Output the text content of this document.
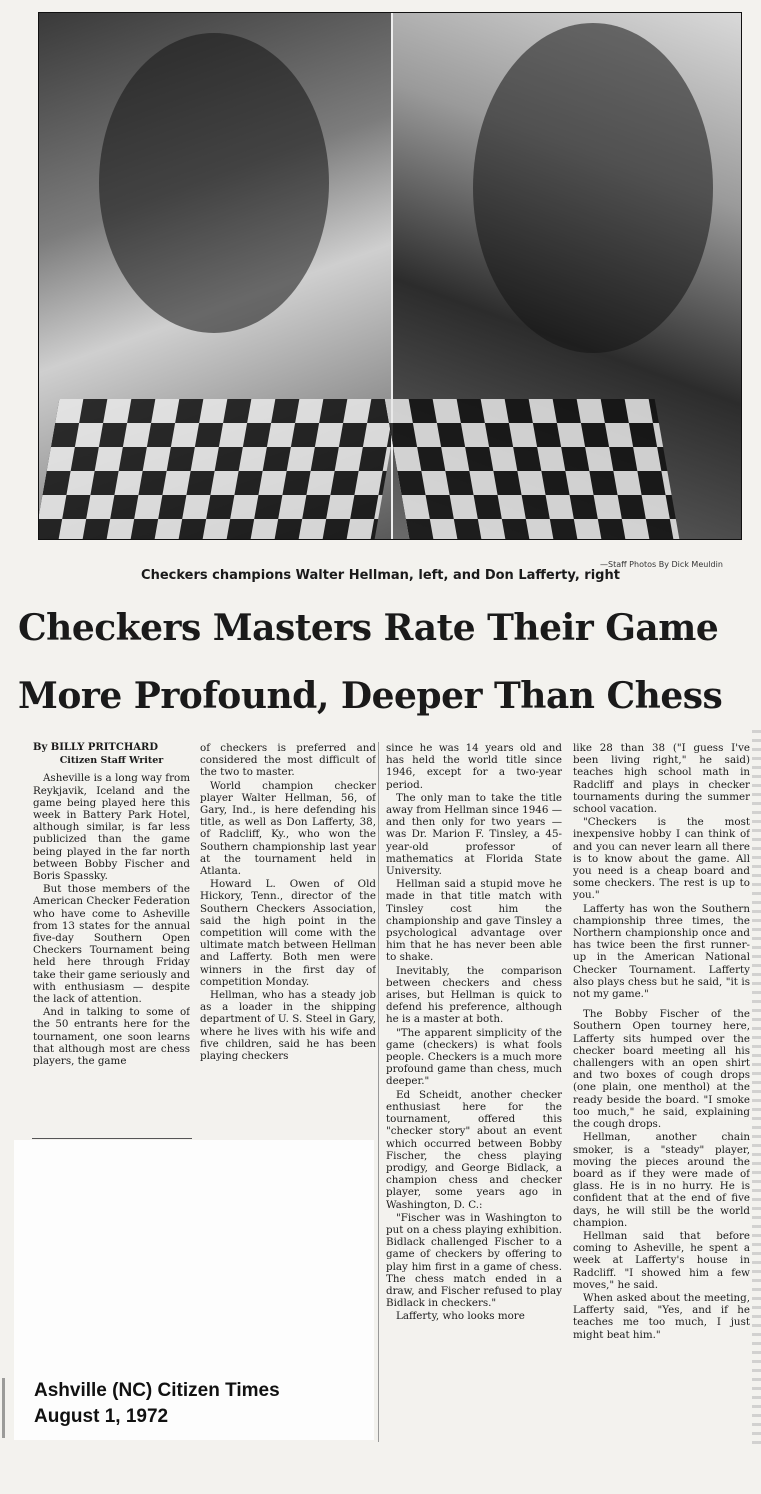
—Staff Photos By Dick Meuldin
Checkers champions Walter Hellman, left, and Don Lafferty, right
Checkers Masters Rate Their Game
More Profound, Deeper Than Chess

By BILLY PRITCHARD

Citizen Staff Writer

Asheville is a long way from Reykjavik, Iceland and the game being played here this week in Battery Park Hotel, although similar, is far less publicized than the game being played in the far north between Bobby Fischer and Boris Spassky.

But those members of the American Checker Federation who have come to Asheville from 13 states for the annual five-day Southern Open Checkers Tournament being held here through Friday take their game seriously and with enthusiasm — despite the lack of attention.

And in talking to some of the 50 entrants here for the tournament, one soon learns that although most are chess players, the game

of checkers is preferred and considered the most difficult of the two to master.

World champion checker player Walter Hellman, 56, of Gary, Ind., is here defending his title, as well as Don Lafferty, 38, of Radcliff, Ky., who won the Southern championship last year at the tournament held in Atlanta.

Howard L. Owen of Old Hickory, Tenn., director of the Southern Checkers Association, said the high point in the competition will come with the ultimate match between Hellman and Lafferty. Both men were winners in the first day of competition Monday.

Hellman, who has a steady job as a loader in the shipping department of U. S. Steel in Gary, where he lives with his wife and five children, said he has been playing checkers

since he was 14 years old and has held the world title since 1946, except for a two-year period.

The only man to take the title away from Hellman since 1946 — and then only for two years — was Dr. Marion F. Tinsley, a 45-year-old professor of mathematics at Florida State University.

Hellman said a stupid move he made in that title match with Tinsley cost him the championship and gave Tinsley a psychological advantage over him that he has never been able to shake.

Inevitably, the comparison between checkers and chess arises, but Hellman is quick to defend his preference, although he is a master at both.

"The apparent simplicity of the game (checkers) is what fools people. Checkers is a much more profound game than chess, much deeper."

Ed Scheidt, another checker enthusiast here for the tournament, offered this "checker story" about an event which occurred between Bobby Fischer, the chess playing prodigy, and George Bidlack, a champion chess and checker player, some years ago in Washington, D. C.:

"Fischer was in Washington to put on a chess playing exhibition. Bidlack challenged Fischer to a game of checkers by offering to play him first in a game of chess. The chess match ended in a draw, and Fischer refused to play Bidlack in checkers."

Lafferty, who looks more

like 28 than 38 ("I guess I've been living right," he said) teaches high school math in Radcliff and plays in checker tournaments during the summer school vacation.

"Checkers is the most inexpensive hobby I can think of and you can never learn all there is to know about the game. All you need is a cheap board and some checkers. The rest is up to you."

Lafferty has won the Southern championship three times, the Northern championship once and has twice been the first runner-up in the American National Checker Tournament. Lafferty also plays chess but he said, "it is not my game."

The Bobby Fischer of the Southern Open tourney here, Lafferty sits humped over the checker board meeting all his challengers with an open shirt and two boxes of cough drops (one plain, one menthol) at the ready beside the board. "I smoke too much," he said, explaining the cough drops.

Hellman, another chain smoker, is a "steady" player, moving the pieces around the board as if they were made of glass. He is in no hurry. He is confident that at the end of five days, he will still be the world champion.

Hellman said that before coming to Asheville, he spent a week at Lafferty's house in Radcliff. "I showed him a few moves," he said.

When asked about the meeting, Lafferty said, "Yes, and if he teaches me too much, I just might beat him."

Ashville (NC) Citizen Times
August 1, 1972
